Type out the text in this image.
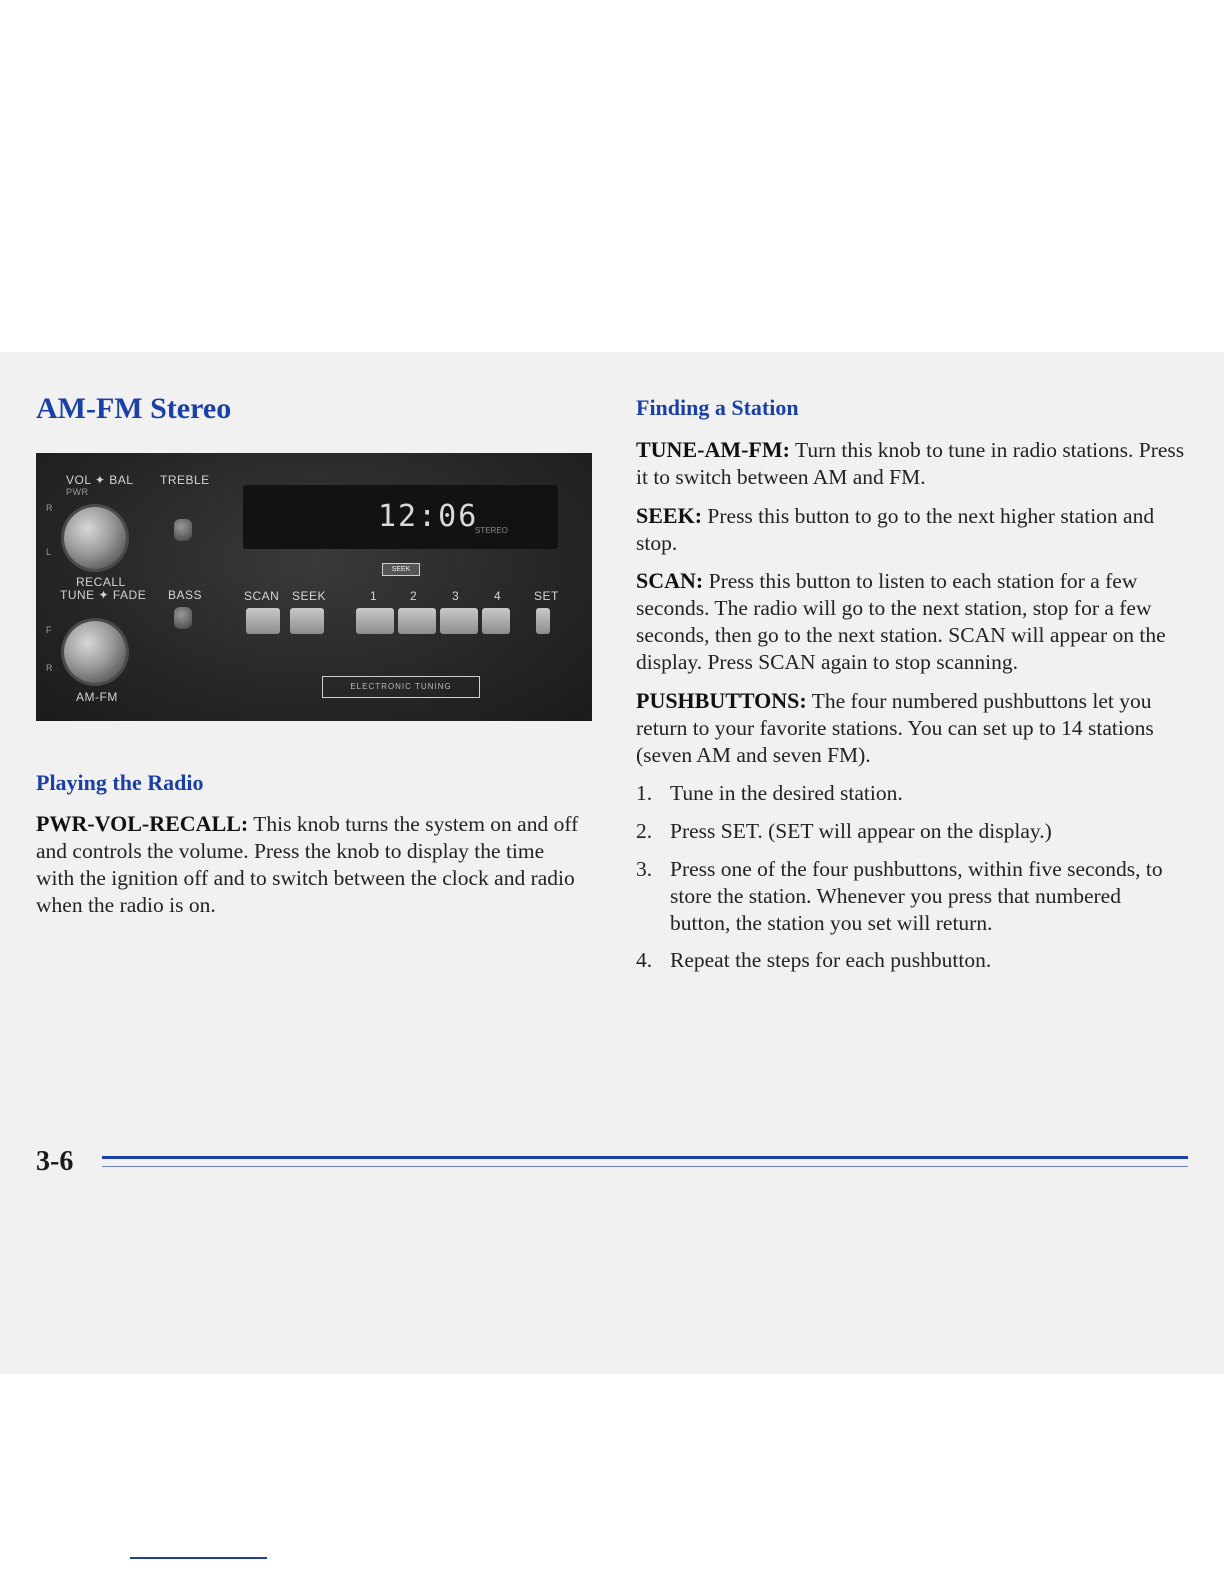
AM-FM Stereo
VOL ✦ BAL
PWR
TREBLE
R
L
RECALL
TUNE ✦ FADE BASS
F
R
AM-FM
12:06
STEREO
SEEK
SCAN SEEK	1	2	3	4	SET
ELECTRONIC TUNING
Playing the Radio

PWR-VOL-RECALL: This knob turns the system on and off and controls the volume. Press the knob to display the time with the ignition off and to switch between the clock and radio when the radio is on.

Finding a Station

TUNE-AM-FM: Turn this knob to tune in radio stations. Press it to switch between AM and FM.

SEEK: Press this button to go to the next higher station and stop.

SCAN: Press this button to listen to each station for a few seconds. The radio will go to the next station, stop for a few seconds, then go to the next station. SCAN will appear on the display. Press SCAN again to stop scanning.

PUSHBUTTONS: The four numbered pushbuttons let you return to your favorite stations. You can set up to 14 stations (seven AM and seven FM).

1. Tune in the desired station.
2. Press SET. (SET will appear on the display.)
3. Press one of the four pushbuttons, within five seconds, to store the station. Whenever you press that numbered button, the station you set will return.
4. Repeat the steps for each pushbutton.

3-6
